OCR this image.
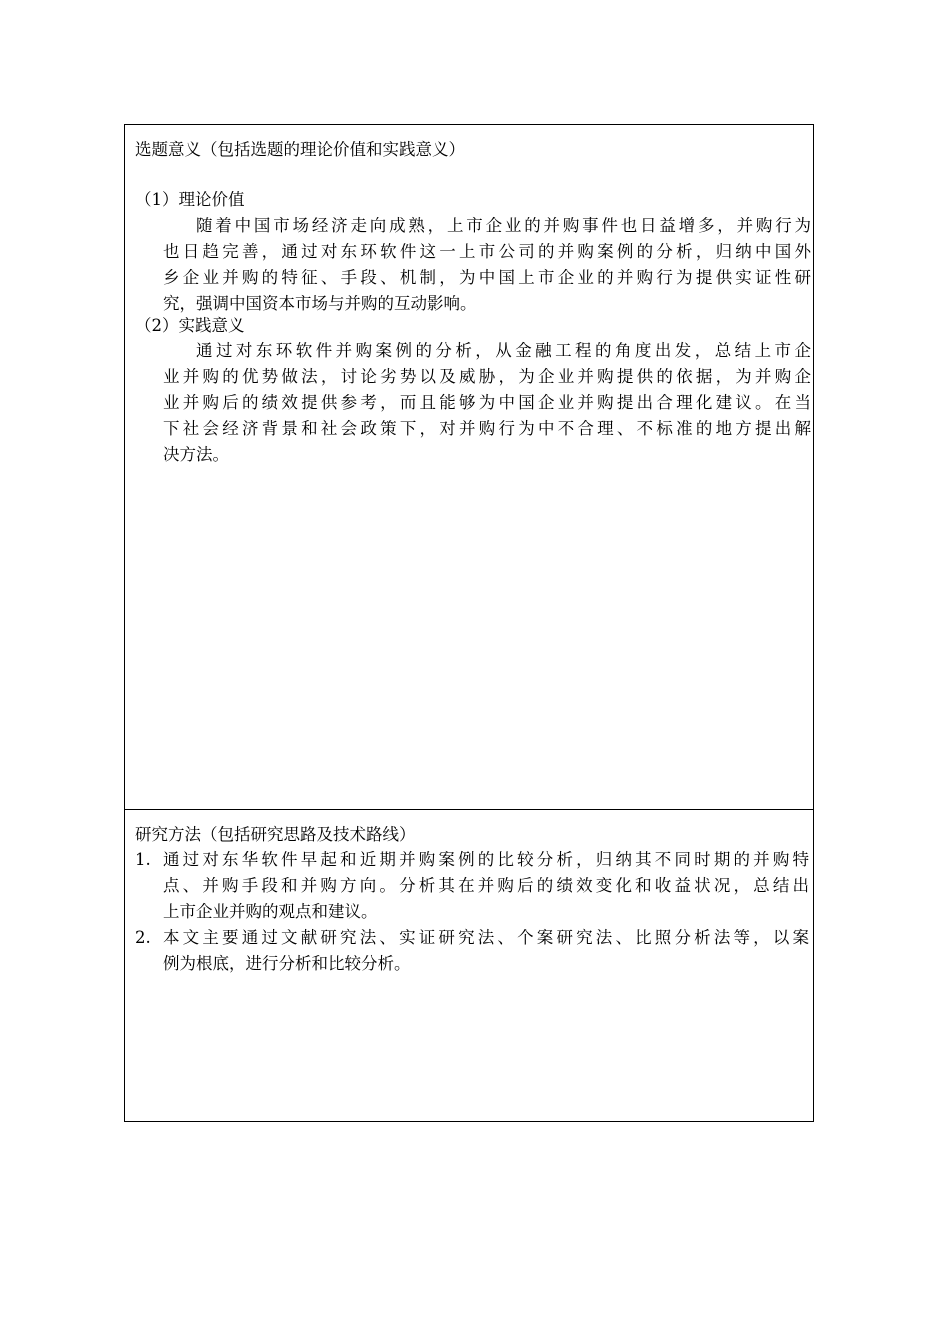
选题意义（包括选题的理论价值和实践意义）
（1）理论价值
随着中国市场经济走向成熟，上市企业的并购事件也日益增多，并购行为
也日趋完善，通过对东环软件这一上市公司的并购案例的分析，归纳中国外
乡企业并购的特征、手段、机制，为中国上市企业的并购行为提供实证性研
究，强调中国资本市场与并购的互动影响。
（2）实践意义
通过对东环软件并购案例的分析，从金融工程的角度出发，总结上市企
业并购的优势做法，讨论劣势以及威胁，为企业并购提供的依据，为并购企
业并购后的绩效提供参考，而且能够为中国企业并购提出合理化建议。在当
下社会经济背景和社会政策下，对并购行为中不合理、不标准的地方提出解
决方法。
研究方法（包括研究思路及技术路线）
1. 通过对东华软件早起和近期并购案例的比较分析，归纳其不同时期的并购特
点、并购手段和并购方向。分析其在并购后的绩效变化和收益状况，总结出
上市企业并购的观点和建议。
2. 本文主要通过文献研究法、实证研究法、个案研究法、比照分析法等，以案
例为根底，进行分析和比较分析。
